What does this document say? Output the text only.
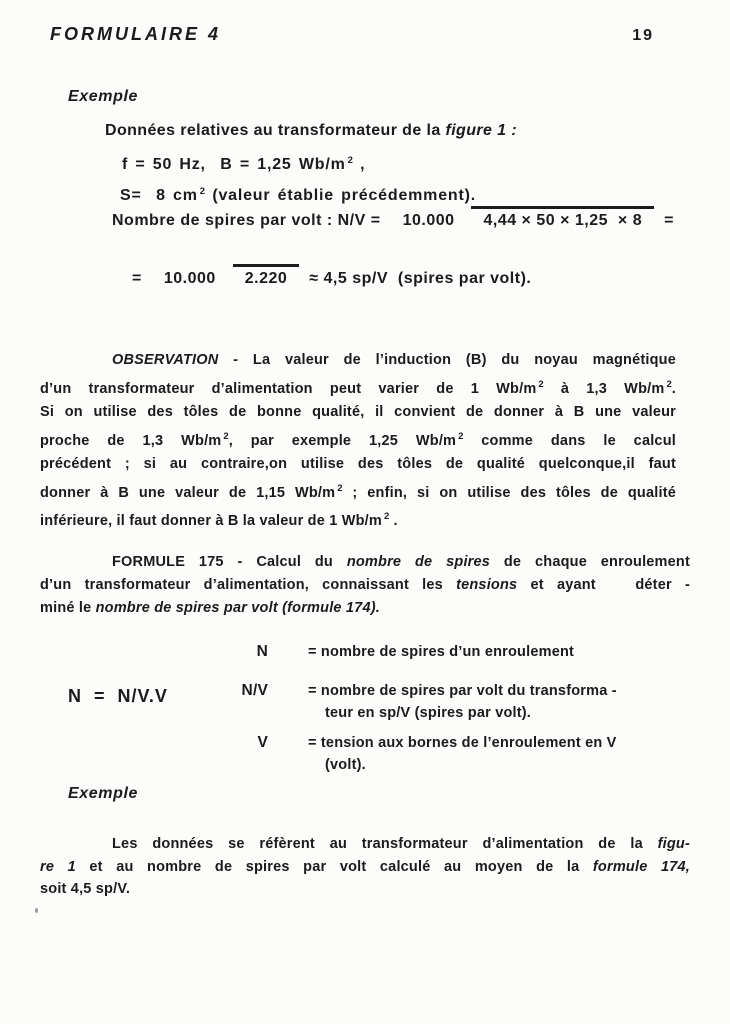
FORMULAIRE 4	19
Exemple
Données relatives au transformateur de la figure 1 :
f = 50 Hz,  B = 1,25 Wb/m $^2$ ,
S=  8 cm $^2$ (valeur établie précédemment).
Nombre de spires par volt : N/V =	10.000 4,44 × 50 × 1,25  × 8	=
=	10.000 2.220	≈ 4,5 sp/V  (spires par volt).
OBSERVATION - La valeur de l’induction (B) du noyau magnétique
d’un transformateur d’alimentation peut varier de 1 Wb/m $^2$ à 1,3 Wb/m $^2$.
Si on utilise des tôles de bonne qualité, il convient de donner à B une valeur
proche de 1,3 Wb/m $^2$, par exemple 1,25 Wb/m $^2$ comme dans le calcul
précédent ; si au contraire,on utilise des tôles de qualité quelconque,il faut
donner à B une valeur de 1,15 Wb/m $^2$ ; enfin, si on utilise des tôles de qualité
inférieure, il faut donner à B la valeur de 1 Wb/m $^2$ .
FORMULE 175 - Calcul du nombre de spires de chaque enroulement
d’un transformateur d’alimentation, connaissant les tensions et ayant   déter -
miné le nombre de spires par volt (formule 174).
N  =  N/V.V
N	= nombre de spires d’un enroulement
N/V	= nombre de spires par volt du transforma -
teur en sp/V (spires par volt).
V	= tension aux bornes de l’enroulement en V
(volt).
Exemple
Les données se réfèrent au transformateur d’alimentation de la figu-
re 1 et au nombre de spires par volt calculé au moyen de la formule 174,
soit 4,5 sp/V.
